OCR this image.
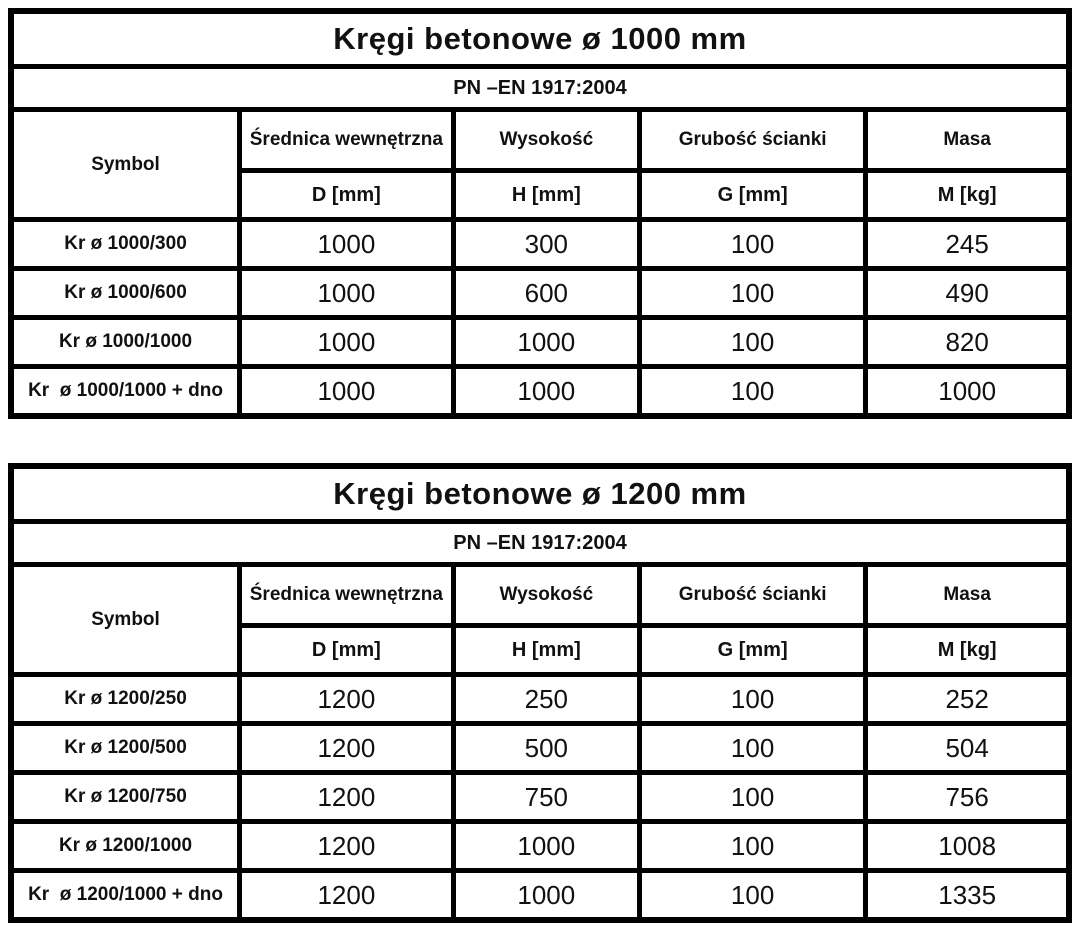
Kręgi betonowe ø 1000 mm				
PN –EN 1917:2004				
Symbol	Średnica wewnętrzna	Wysokość	Grubość ścianki	Masa
	D [mm]	H [mm]	G [mm]	M [kg]
Kr ø 1000/300	1000	300	100	245
Kr ø 1000/600	1000	600	100	490
Kr ø 1000/1000	1000	1000	100	820
Kr  ø 1000/1000 + dno	1000	1000	100	1000
Kręgi betonowe ø 1200 mm				
PN –EN 1917:2004				
Symbol	Średnica wewnętrzna	Wysokość	Grubość ścianki	Masa
	D [mm]	H [mm]	G [mm]	M [kg]
Kr ø 1200/250	1200	250	100	252
Kr ø 1200/500	1200	500	100	504
Kr ø 1200/750	1200	750	100	756
Kr ø 1200/1000	1200	1000	100	1008
Kr  ø 1200/1000 + dno	1200	1000	100	1335
